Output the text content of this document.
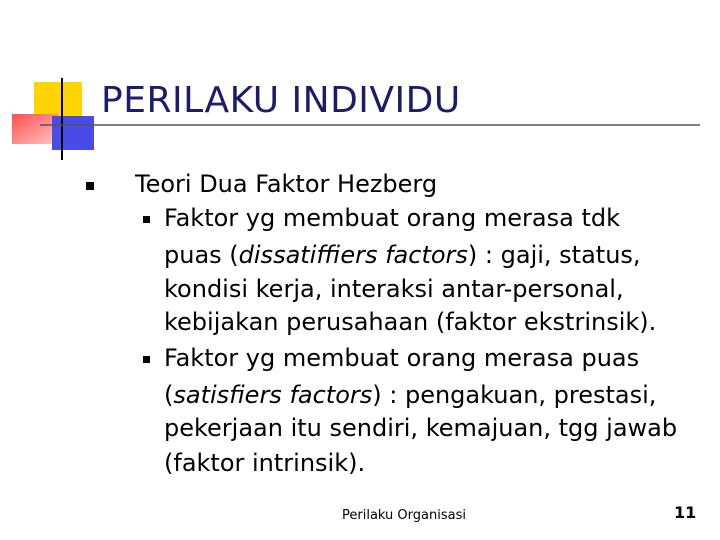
PERILAKU INDIVIDU
Teori Dua Faktor Hezberg
Faktor yg membuat orang merasa tdk
puas (dissatiffiers factors) : gaji, status,
kondisi kerja, interaksi antar-personal,
kebijakan perusahaan (faktor ekstrinsik).
Faktor yg membuat orang merasa puas
(satisfiers factors) : pengakuan, prestasi,
pekerjaan itu sendiri, kemajuan, tgg jawab
(faktor intrinsik).
Perilaku Organisasi	11
